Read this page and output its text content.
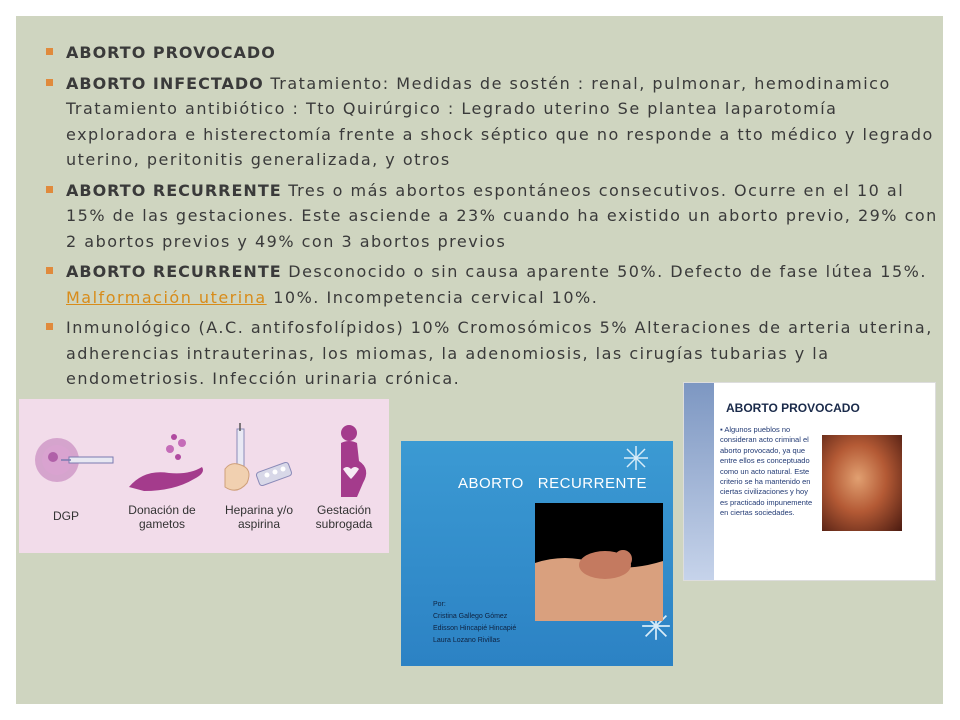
ABORTO PROVOCADO
ABORTO INFECTADO Tratamiento: Medidas de sostén : renal, pulmonar, hemodinamico Tratamiento antibiótico : Tto Quirúrgico : Legrado uterino Se plantea laparotomía exploradora e histerectomía frente a shock séptico que no responde a tto médico y legrado uterino, peritonitis generalizada, y otros
ABORTO RECURRENTE Tres o más abortos espontáneos consecutivos. Ocurre en el 10 al 15% de las gestaciones. Este asciende a 23% cuando ha existido un aborto previo, 29% con 2 abortos previos y 49% con 3 abortos previos
ABORTO RECURRENTE Desconocido o sin causa aparente 50%. Defecto de fase lútea 15%. Malformación uterina 10%. Incompetencia cervical 10%.
Inmunológico (A.C. antifosfolípidos) 10% Cromosómicos 5% Alteraciones de arteria uterina, adherencias intrauterinas, los miomas, la adenomiosis, las cirugías tubarias y la endometriosis. Infección urinaria crónica.
DGP	Donación de
gametos
Heparina y/o
aspirina
Gestación
subrogada
ABORTO   RECURRENTE
Por:
Cristina Gallego Gómez
Edisson Hincapié Hincapié
Laura Lozano Rivillas
ABORTO PROVOCADO
▪ Algunos pueblos no consideran acto criminal el aborto provocado, ya que entre ellos es conceptuado como un acto natural. Este criterio se ha mantenido en ciertas civilizaciones y hoy es practicado impunemente en ciertas sociedades.
